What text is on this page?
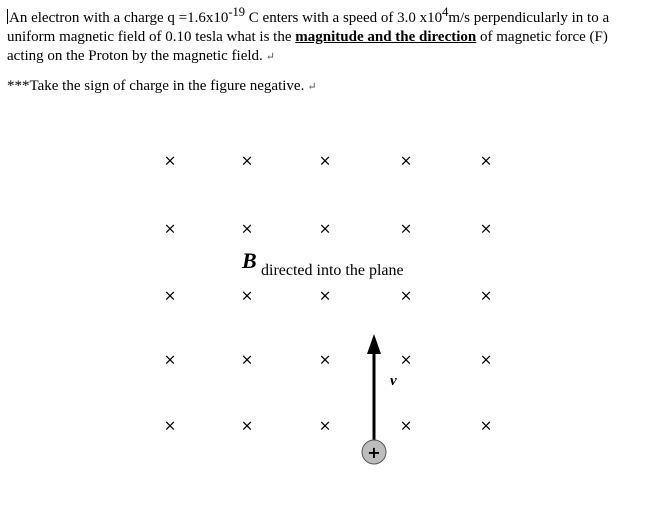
An electron with a charge $q =1.6x10^{-19}$ C enters with a speed of 3.0 $x10^4m/s$ perpendicularly in to a uniform magnetic field of 0.10 tesla what is the magnitude and the direction of magnetic force (F) acting on the Proton by the magnetic field. ↵

***Take the sign of charge in the figure negative. ↵

×	×	×	×	×
×	×	×	×	×
×	×	×	×	×
×	×	×	×	×
×	×	×	×	×
B directed into the plane
+
v
